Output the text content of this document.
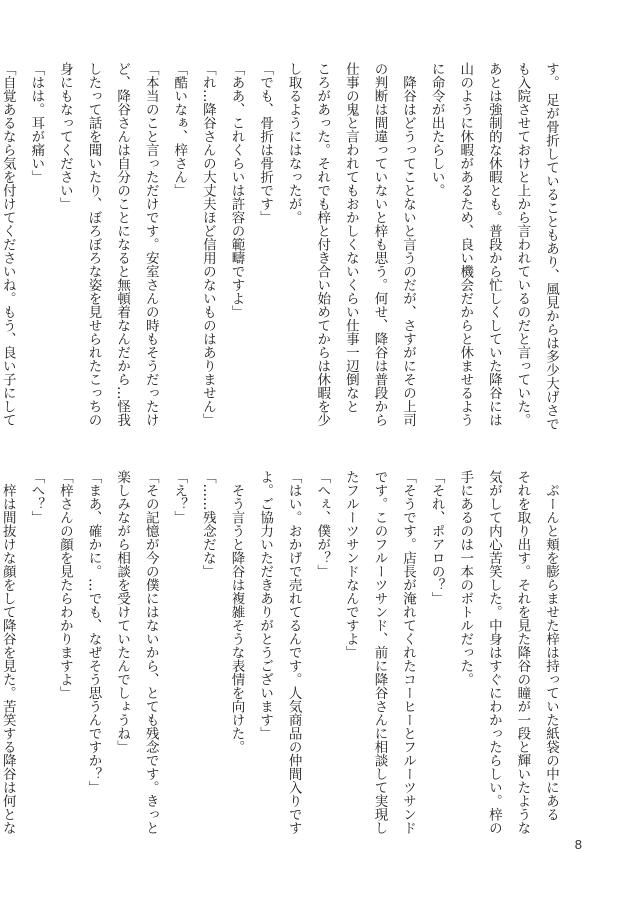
す。 足が骨折していることもあり、風見からは多少大げさで
も入院させておけと上から言われているのだと言っていた。
あとは強制的な休暇とも。普段から忙しくしていた降谷には
山のように休暇があるため、良い機会だからと休ませるよう
に命令が出たらしい。
　降谷はどうってことないと言うのだが、さすがにその上司
の判断は間違っていないと梓も思う。何せ、降谷は普段から
仕事の鬼と言われてもおかしくないくらい仕事一辺倒なと
ころがあった。それでも梓と付き合い始めてからは休暇を少
し取るようにはなったが。
「でも、骨折は骨折です」
「ああ、これくらいは許容の範疇ですよ」
「れ…降谷さんの大丈夫ほど信用のないものはありません」
「酷いなぁ、梓さん」
「本当のこと言っただけです。安室さんの時もそうだったけ
ど、降谷さんは自分のことになると無頓着なんだから…怪我
したって話を聞いたり、ぼろぼろな姿を見せられたこっちの
身にもなってください」
「はは。耳が痛い」
「自覚あるなら気を付けてくださいね。もう、良い子にして
　ぷーんと頬を膨らませた梓は持っていた紙袋の中にある
それを取り出す。それを見た降谷の瞳が一段と輝いたような
気がして内心苦笑した。中身はすぐにわかったらしい。梓の
手にあるのは一本のボトルだった。
「それ、ポアロの？」
「そうです。店長が淹れてくれたコーヒーとフルーツサンド
です。このフルーツサンド、前に降谷さんに相談して実現し
たフルーツサンドなんですよ」
「へぇ、僕が？」
「はい。おかげで売れてるんです。人気商品の仲間入りです
よ。ご協力いただきありがとうございます」
　そう言うと降谷は複雑そうな表情を向けた。
「……残念だな」
「え？」
「その記憶が今の僕にはないから、とても残念です。きっと
楽しみながら相談を受けていたんでしょうね」
「まあ、確かに。…でも、なぜそう思うんですか？」
「梓さんの顔を見たらわかりますよ」
「へ？」
　梓は間抜けな顔をして降谷を見た。苦笑する降谷は何とな
8
